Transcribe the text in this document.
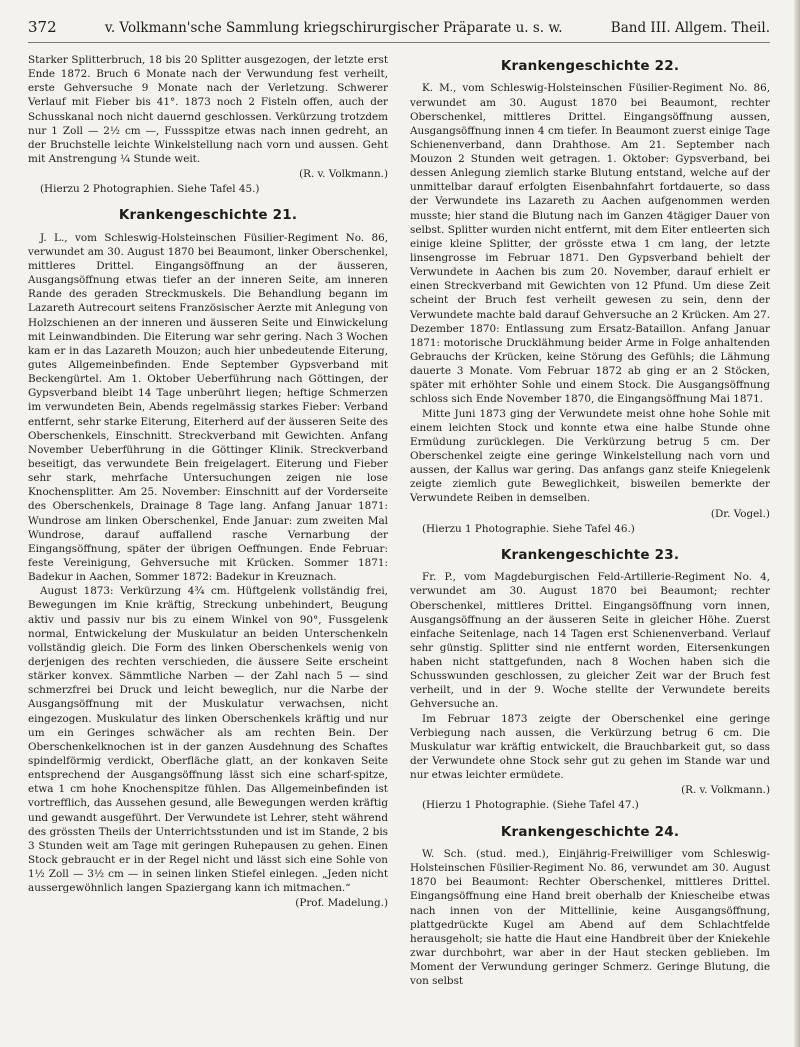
372	v. Volkmann'sche Sammlung kriegschirurgischer Präparate u. s. w.	Band III. Allgem. Theil.

Starker Splitterbruch, 18 bis 20 Splitter ausgezogen, der letzte erst Ende 1872. Bruch 6 Monate nach der Verwundung fest verheilt, erste Gehversuche 9 Monate nach der Verletzung. Schwerer Verlauf mit Fieber bis 41°. 1873 noch 2 Fisteln offen, auch der Schusskanal noch nicht dauernd geschlossen. Verkürzung trotzdem nur 1 Zoll — 2½ cm —, Fussspitze etwas nach innen gedreht, an der Bruchstelle leichte Winkelstellung nach vorn und aussen. Geht mit Anstrengung ¼ Stunde weit.

(R. v. Volkmann.)
(Hierzu 2 Photographien. Siehe Tafel 45.)
Krankengeschichte 21.

J. L., vom Schleswig-Holsteinschen Füsilier-Regiment No. 86, verwundet am 30. August 1870 bei Beaumont, linker Oberschenkel, mittleres Drittel. Eingangsöffnung an der äusseren, Ausgangsöffnung etwas tiefer an der inneren Seite, am inneren Rande des geraden Streckmuskels. Die Behandlung begann im Lazareth Autrecourt seitens Französischer Aerzte mit Anlegung von Holzschienen an der inneren und äusseren Seite und Einwickelung mit Leinwandbinden. Die Eiterung war sehr gering. Nach 3 Wochen kam er in das Lazareth Mouzon; auch hier unbedeutende Eiterung, gutes Allgemeinbefinden. Ende September Gypsverband mit Beckengürtel. Am 1. Oktober Ueberführung nach Göttingen, der Gypsverband bleibt 14 Tage unberührt liegen; heftige Schmerzen im verwundeten Bein, Abends regelmässig starkes Fieber: Verband entfernt, sehr starke Eiterung, Eiterherd auf der äusseren Seite des Oberschenkels, Einschnitt. Streckverband mit Gewichten. Anfang November Ueberführung in die Göttinger Klinik. Streckverband beseitigt, das verwundete Bein freigelagert. Eiterung und Fieber sehr stark, mehrfache Untersuchungen zeigen nie lose Knochensplitter. Am 25. November: Einschnitt auf der Vorderseite des Oberschenkels, Drainage 8 Tage lang. Anfang Januar 1871: Wundrose am linken Oberschenkel, Ende Januar: zum zweiten Mal Wundrose, darauf auffallend rasche Vernarbung der Eingangsöffnung, später der übrigen Oeffnungen. Ende Februar: feste Vereinigung, Gehversuche mit Krücken. Sommer 1871: Badekur in Aachen, Sommer 1872: Badekur in Kreuznach.

August 1873: Verkürzung 4¾ cm. Hüftgelenk vollständig frei, Bewegungen im Knie kräftig, Streckung unbehindert, Beugung aktiv und passiv nur bis zu einem Winkel von 90°, Fussgelenk normal, Entwickelung der Muskulatur an beiden Unterschenkeln vollständig gleich. Die Form des linken Oberschenkels wenig von derjenigen des rechten verschieden, die äussere Seite erscheint stärker konvex. Sämmtliche Narben — der Zahl nach 5 — sind schmerzfrei bei Druck und leicht beweglich, nur die Narbe der Ausgangsöffnung mit der Muskulatur verwachsen, nicht eingezogen. Muskulatur des linken Oberschenkels kräftig und nur um ein Geringes schwächer als am rechten Bein. Der Oberschenkelknochen ist in der ganzen Ausdehnung des Schaftes spindelförmig verdickt, Oberfläche glatt, an der konkaven Seite entsprechend der Ausgangsöffnung lässt sich eine scharf-spitze, etwa 1 cm hohe Knochenspitze fühlen. Das Allgemeinbefinden ist vortrefflich, das Aussehen gesund, alle Bewegungen werden kräftig und gewandt ausgeführt. Der Verwundete ist Lehrer, steht während des grössten Theils der Unterrichtsstunden und ist im Stande, 2 bis 3 Stunden weit am Tage mit geringen Ruhepausen zu gehen. Einen Stock gebraucht er in der Regel nicht und lässt sich eine Sohle von 1½ Zoll — 3½ cm — in seinen linken Stiefel einlegen. „Jeden nicht aussergewöhnlich langen Spaziergang kann ich mitmachen.“

(Prof. Madelung.)
Krankengeschichte 22.

K. M., vom Schleswig-Holsteinschen Füsilier-Regiment No. 86, verwundet am 30. August 1870 bei Beaumont, rechter Oberschenkel, mittleres Drittel. Eingangsöffnung aussen, Ausgangsöffnung innen 4 cm tiefer. In Beaumont zuerst einige Tage Schienenverband, dann Drahthose. Am 21. September nach Mouzon 2 Stunden weit getragen. 1. Oktober: Gypsverband, bei dessen Anlegung ziemlich starke Blutung entstand, welche auf der unmittelbar darauf erfolgten Eisenbahnfahrt fortdauerte, so dass der Verwundete ins Lazareth zu Aachen aufgenommen werden musste; hier stand die Blutung nach im Ganzen 4tägiger Dauer von selbst. Splitter wurden nicht entfernt, mit dem Eiter entleerten sich einige kleine Splitter, der grösste etwa 1 cm lang, der letzte linsengrosse im Februar 1871. Den Gypsverband behielt der Verwundete in Aachen bis zum 20. November, darauf erhielt er einen Streckverband mit Gewichten von 12 Pfund. Um diese Zeit scheint der Bruch fest verheilt gewesen zu sein, denn der Verwundete machte bald darauf Gehversuche an 2 Krücken. Am 27. Dezember 1870: Entlassung zum Ersatz-Bataillon. Anfang Januar 1871: motorische Drucklähmung beider Arme in Folge anhaltenden Gebrauchs der Krücken, keine Störung des Gefühls; die Lähmung dauerte 3 Monate. Vom Februar 1872 ab ging er an 2 Stöcken, später mit erhöhter Sohle und einem Stock. Die Ausgangsöffnung schloss sich Ende November 1870, die Eingangsöffnung Mai 1871.

Mitte Juni 1873 ging der Verwundete meist ohne hohe Sohle mit einem leichten Stock und konnte etwa eine halbe Stunde ohne Ermüdung zurücklegen. Die Verkürzung betrug 5 cm. Der Oberschenkel zeigte eine geringe Winkelstellung nach vorn und aussen, der Kallus war gering. Das anfangs ganz steife Kniegelenk zeigte ziemlich gute Beweglichkeit, bisweilen bemerkte der Verwundete Reiben in demselben.

(Dr. Vogel.)
(Hierzu 1 Photographie. Siehe Tafel 46.)
Krankengeschichte 23.

Fr. P., vom Magdeburgischen Feld-Artillerie-Regiment No. 4, verwundet am 30. August 1870 bei Beaumont; rechter Oberschenkel, mittleres Drittel. Eingangsöffnung vorn innen, Ausgangsöffnung an der äusseren Seite in gleicher Höhe. Zuerst einfache Seitenlage, nach 14 Tagen erst Schienenverband. Verlauf sehr günstig. Splitter sind nie entfernt worden, Eitersenkungen haben nicht stattgefunden, nach 8 Wochen haben sich die Schusswunden geschlossen, zu gleicher Zeit war der Bruch fest verheilt, und in der 9. Woche stellte der Verwundete bereits Gehversuche an.

Im Februar 1873 zeigte der Oberschenkel eine geringe Verbiegung nach aussen, die Verkürzung betrug 6 cm. Die Muskulatur war kräftig entwickelt, die Brauchbarkeit gut, so dass der Verwundete ohne Stock sehr gut zu gehen im Stande war und nur etwas leichter ermüdete.

(R. v. Volkmann.)
(Hierzu 1 Photographie. (Siehe Tafel 47.)
Krankengeschichte 24.

W. Sch. (stud. med.), Einjährig-Freiwilliger vom Schleswig-Holsteinschen Füsilier-Regiment No. 86, verwundet am 30. August 1870 bei Beaumont: Rechter Oberschenkel, mittleres Drittel. Eingangsöffnung eine Hand breit oberhalb der Kniescheibe etwas nach innen von der Mittellinie, keine Ausgangsöffnung, plattgedrückte Kugel am Abend auf dem Schlachtfelde herausgeholt; sie hatte die Haut eine Handbreit über der Kniekehle zwar durchbohrt, war aber in der Haut stecken geblieben. Im Moment der Verwundung geringer Schmerz. Geringe Blutung, die von selbst
